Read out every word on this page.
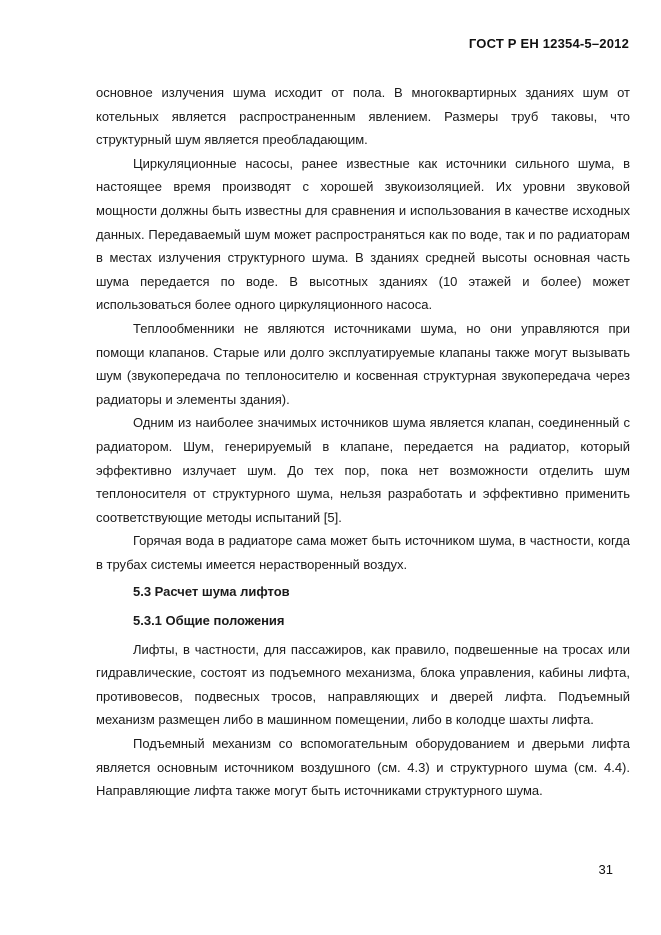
ГОСТ Р ЕН 12354-5–2012

основное излучения шума исходит от пола. В многоквартирных зданиях шум от котельных является распространенным явлением. Размеры труб таковы, что структурный шум является преобладающим.

Циркуляционные насосы, ранее известные как источники сильного шума, в настоящее время производят с хорошей звукоизоляцией. Их уровни звуковой мощности должны быть известны для сравнения и использования в качестве исходных данных. Передаваемый шум может распространяться как по воде, так и по радиаторам в местах излучения структурного шума. В зданиях средней высоты основная часть шума передается по воде. В высотных зданиях (10 этажей и более) может использоваться более одного циркуляционного насоса.

Теплообменники не являются источниками шума, но они управляются при помощи клапанов. Старые или долго эксплуатируемые клапаны также могут вызывать шум (звукопередача по теплоносителю и косвенная структурная звукопередача через радиаторы и элементы здания).

Одним из наиболее значимых источников шума является клапан, соединенный с радиатором. Шум, генерируемый в клапане, передается на радиатор, который эффективно излучает шум. До тех пор, пока нет возможности отделить шум теплоносителя от структурного шума, нельзя разработать и эффективно применить соответствующие методы испытаний [5].

Горячая вода в радиаторе сама может быть источником шума, в частности, когда в трубах системы имеется нерастворенный воздух.

5.3 Расчет шума лифтов
5.3.1 Общие положения

Лифты, в частности, для пассажиров, как правило, подвешенные на тросах или гидравлические, состоят из подъемного механизма, блока управления, кабины лифта, противовесов, подвесных тросов, направляющих и дверей лифта. Подъемный механизм размещен либо в машинном помещении, либо в колодце шахты лифта.

Подъемный механизм со вспомогательным оборудованием и дверьми лифта является основным источником воздушного (см. 4.3) и структурного шума (см. 4.4). Направляющие лифта также могут быть источниками структурного шума.

31
